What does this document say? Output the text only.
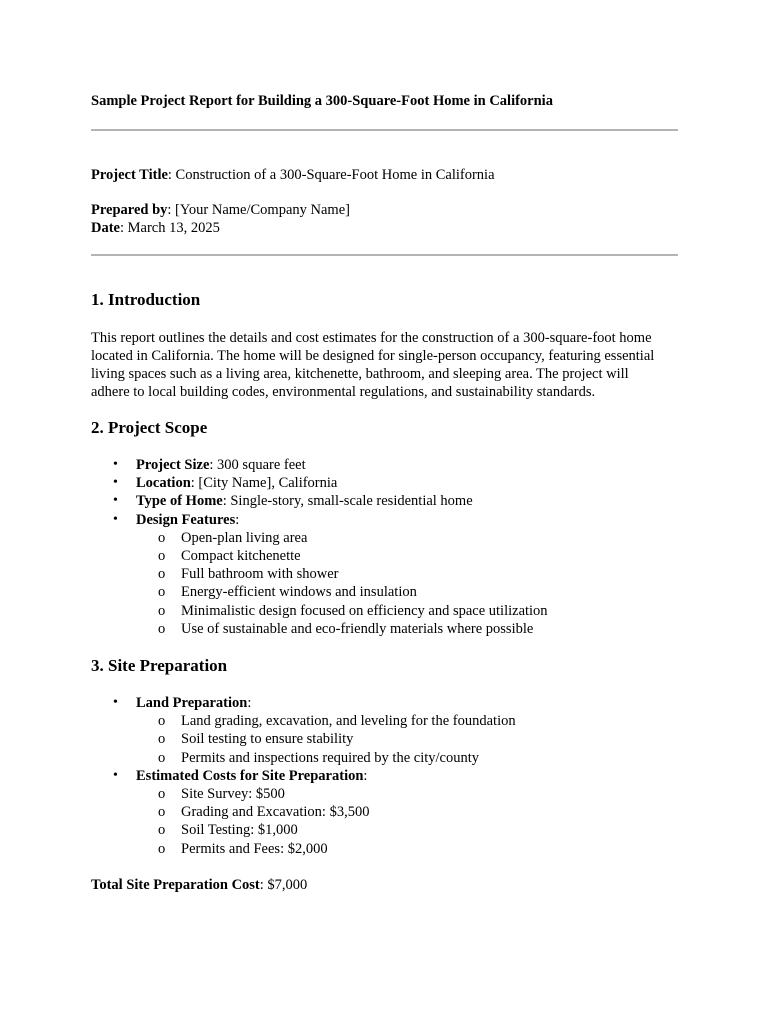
Sample Project Report for Building a 300-Square-Foot Home in California
Project Title: Construction of a 300-Square-Foot Home in California
Prepared by: [Your Name/Company Name]
Date: March 13, 2025
1. Introduction
This report outlines the details and cost estimates for the construction of a 300-square-foot home
located in California. The home will be designed for single-person occupancy, featuring essential
living spaces such as a living area, kitchenette, bathroom, and sleeping area. The project will
adhere to local building codes, environmental regulations, and sustainability standards.
2. Project Scope
• Project Size: 300 square feet
• Location: [City Name], California
• Type of Home: Single-story, small-scale residential home
• Design Features:
o Open-plan living area
o Compact kitchenette
o Full bathroom with shower
o Energy-efficient windows and insulation
o Minimalistic design focused on efficiency and space utilization
o Use of sustainable and eco-friendly materials where possible
3. Site Preparation
• Land Preparation:
o Land grading, excavation, and leveling for the foundation
o Soil testing to ensure stability
o Permits and inspections required by the city/county
• Estimated Costs for Site Preparation:
o Site Survey: $500
o Grading and Excavation: $3,500
o Soil Testing: $1,000
o Permits and Fees: $2,000
Total Site Preparation Cost: $7,000
